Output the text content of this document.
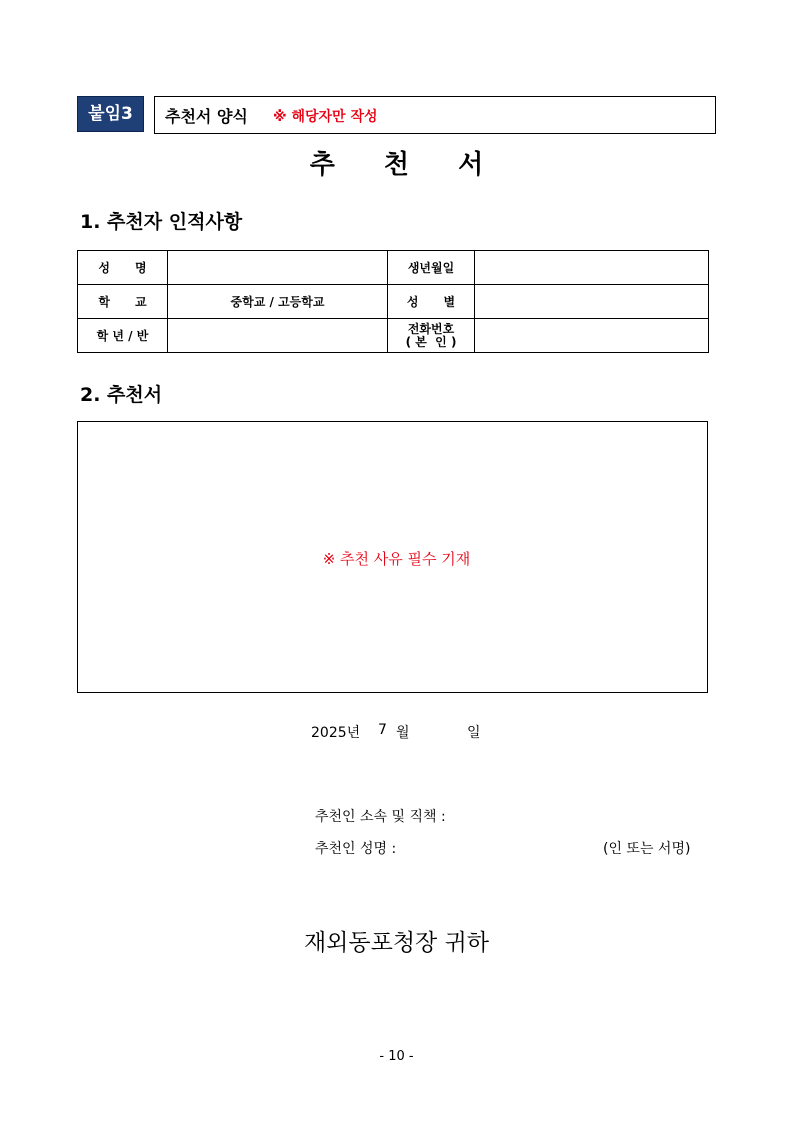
붙임3	추천서 양식 ※ 해당자만 작성
추 천 서
1. 추천자 인적사항
성      명		생년월일	
학      교	중학교 / 고등학교	성      별	
학 년 / 반		전화번호
( 본  인 )	

2. 추천서
※ 추천 사유 필수 기재
2025년 7 월	일
추천인 소속 및 직책 :
추천인 성명 :	(인 또는 서명)
재외동포청장 귀하
- 10 -
